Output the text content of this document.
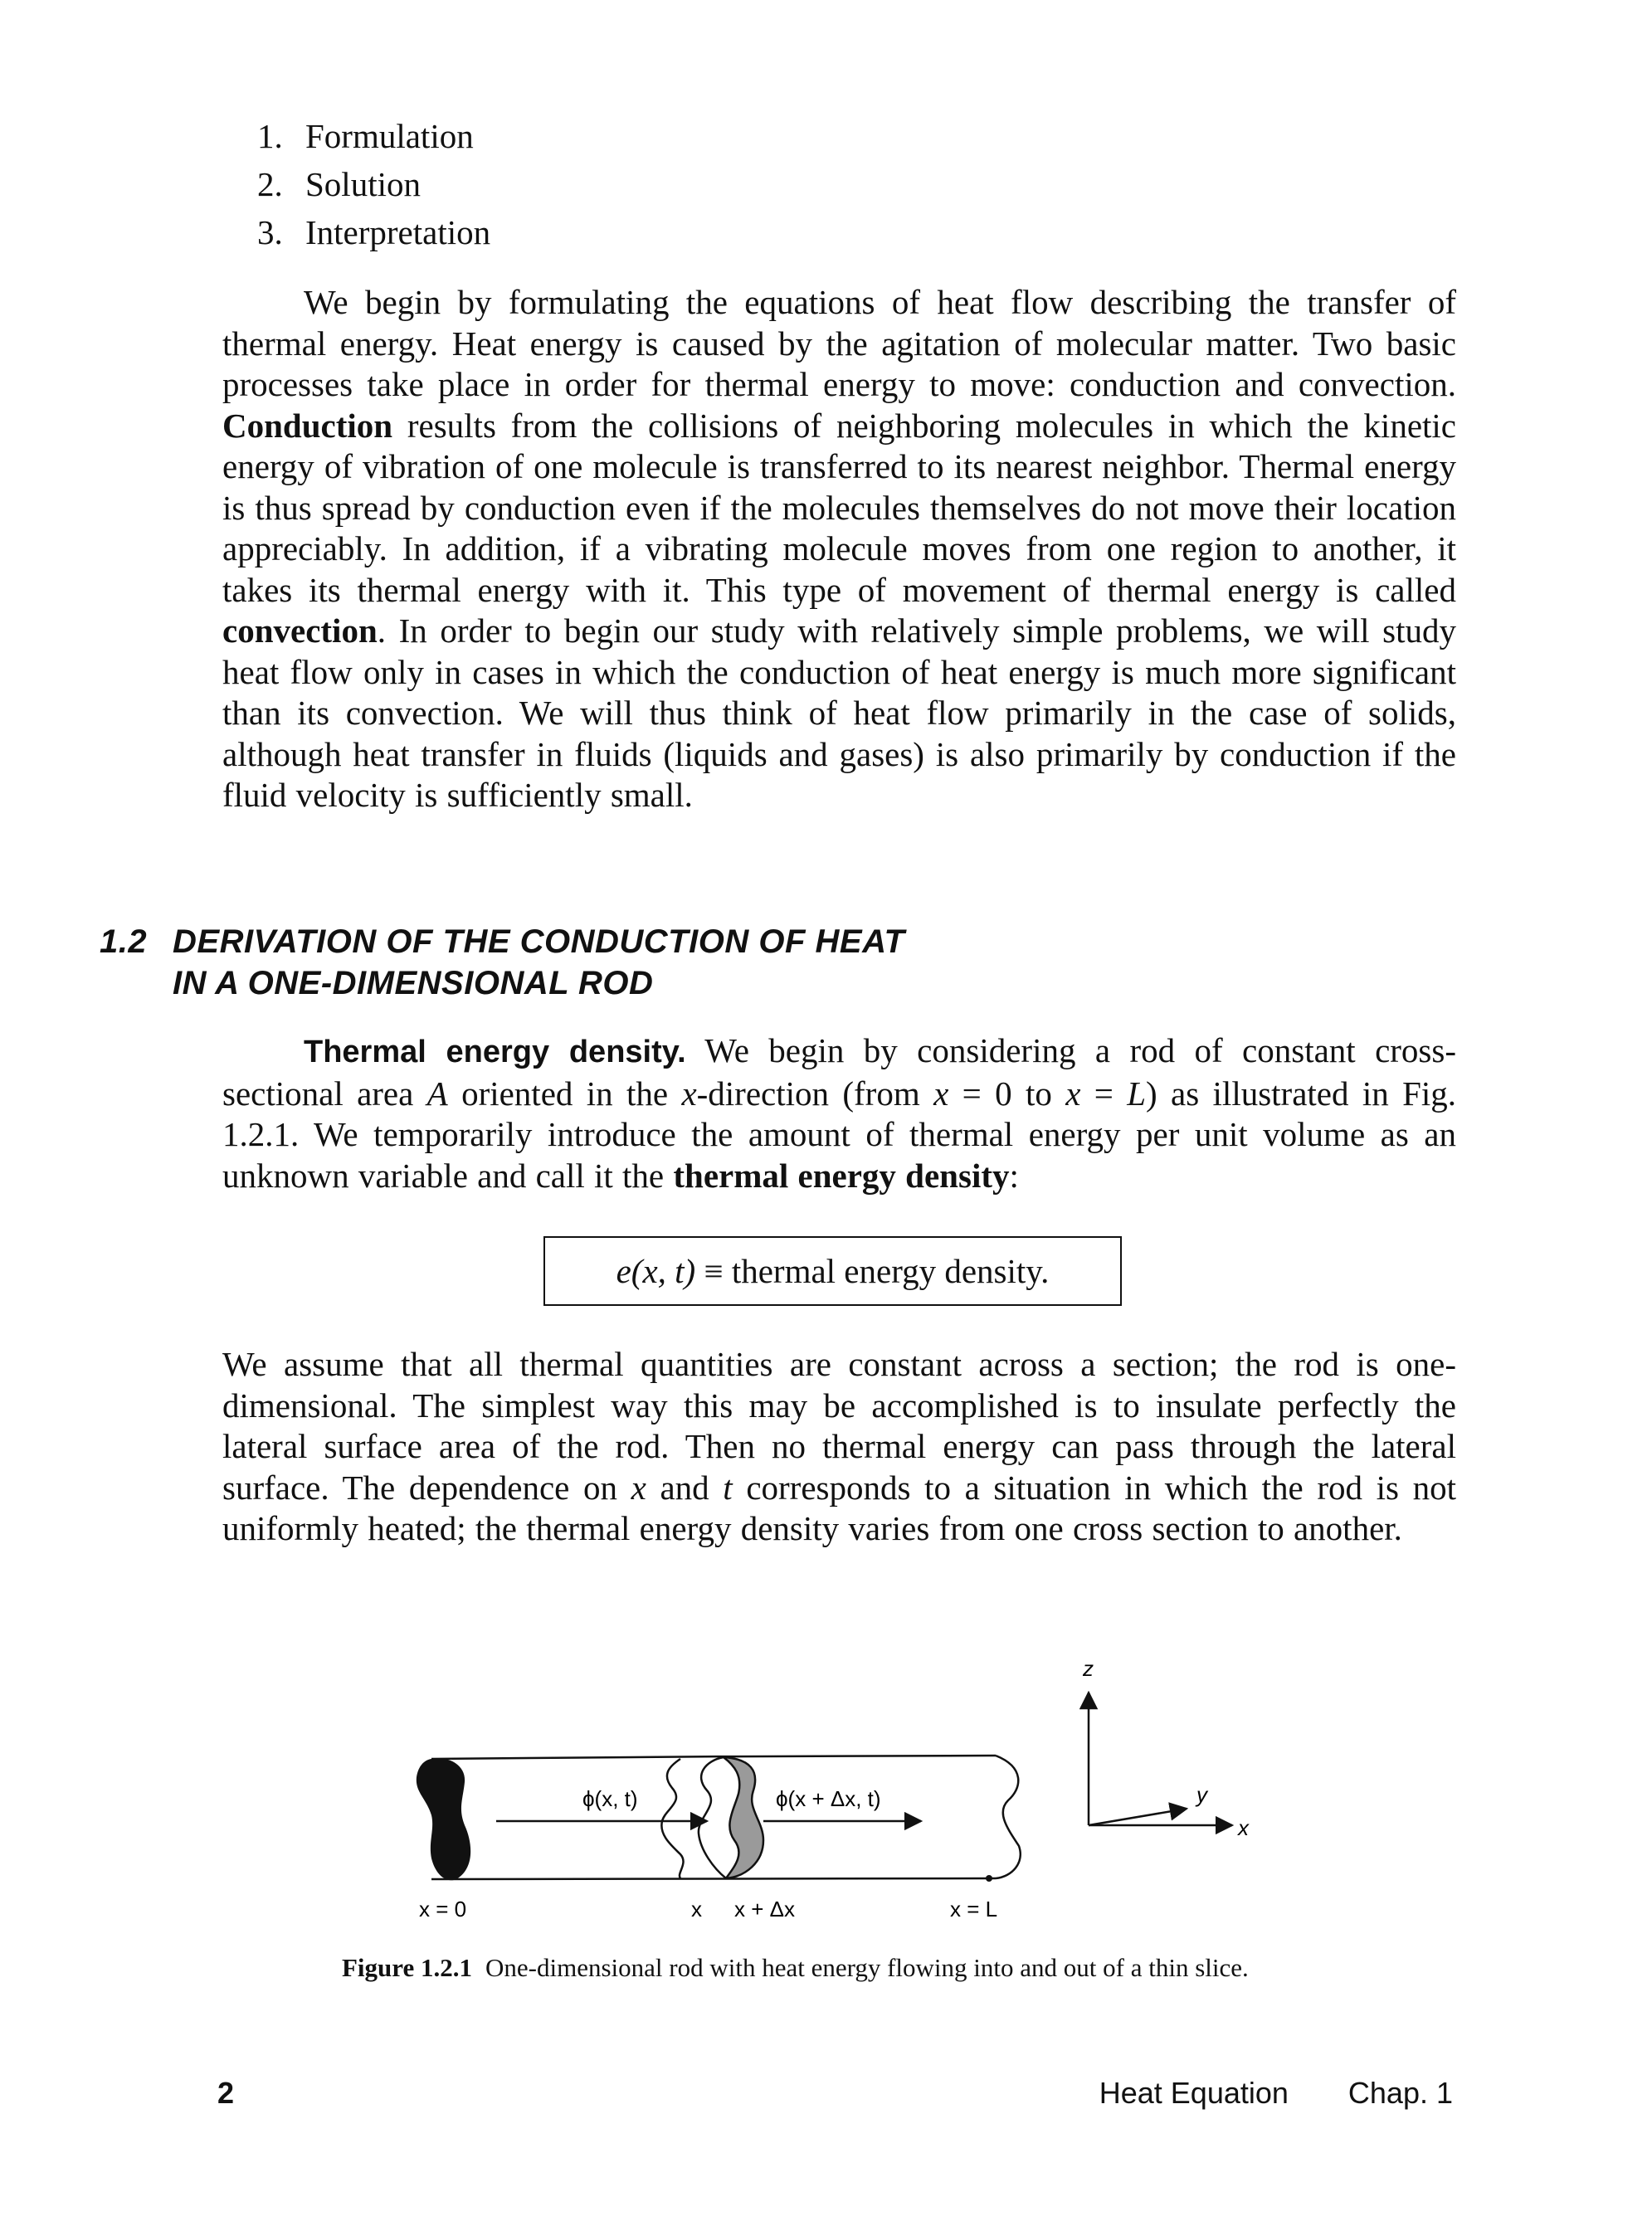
1. Formulation
2. Solution
3. Interpretation

We begin by formulating the equations of heat flow describing the transfer of thermal energy. Heat energy is caused by the agitation of molecular matter. Two basic processes take place in order for thermal energy to move: conduction and convection. Conduction results from the collisions of neighboring molecules in which the kinetic energy of vibration of one molecule is transferred to its nearest neighbor. Thermal energy is thus spread by conduction even if the molecules themselves do not move their location appreciably. In addition, if a vibrating molecule moves from one region to another, it takes its thermal energy with it. This type of movement of thermal energy is called convection. In order to begin our study with relatively simple problems, we will study heat flow only in cases in which the conduction of heat energy is much more significant than its convection. We will thus think of heat flow primarily in the case of solids, although heat transfer in fluids (liquids and gases) is also primarily by conduction if the fluid velocity is sufficiently small.

1.2 DERIVATION OF THE CONDUCTION OF HEAT
IN A ONE-DIMENSIONAL ROD

Thermal energy density. We begin by considering a rod of constant cross-sectional area A oriented in the x-direction (from x = 0 to x = L) as illustrated in Fig. 1.2.1. We temporarily introduce the amount of thermal energy per unit volume as an unknown variable and call it the thermal energy density:

e(x, t) ≡ thermal energy density.

We assume that all thermal quantities are constant across a section; the rod is one-dimensional. The simplest way this may be accomplished is to insulate perfectly the lateral surface area of the rod. Then no thermal energy can pass through the lateral surface. The dependence on x and t corresponds to a situation in which the rod is not uniformly heated; the thermal energy density varies from one cross section to another.

ϕ(x, t)	ϕ(x + Δx, t)
x = 0	x x + Δx	x = L
z
y
x
Figure 1.2.1 One-dimensional rod with heat energy flowing into and out of a thin slice.
2	Heat Equation Chap. 1
